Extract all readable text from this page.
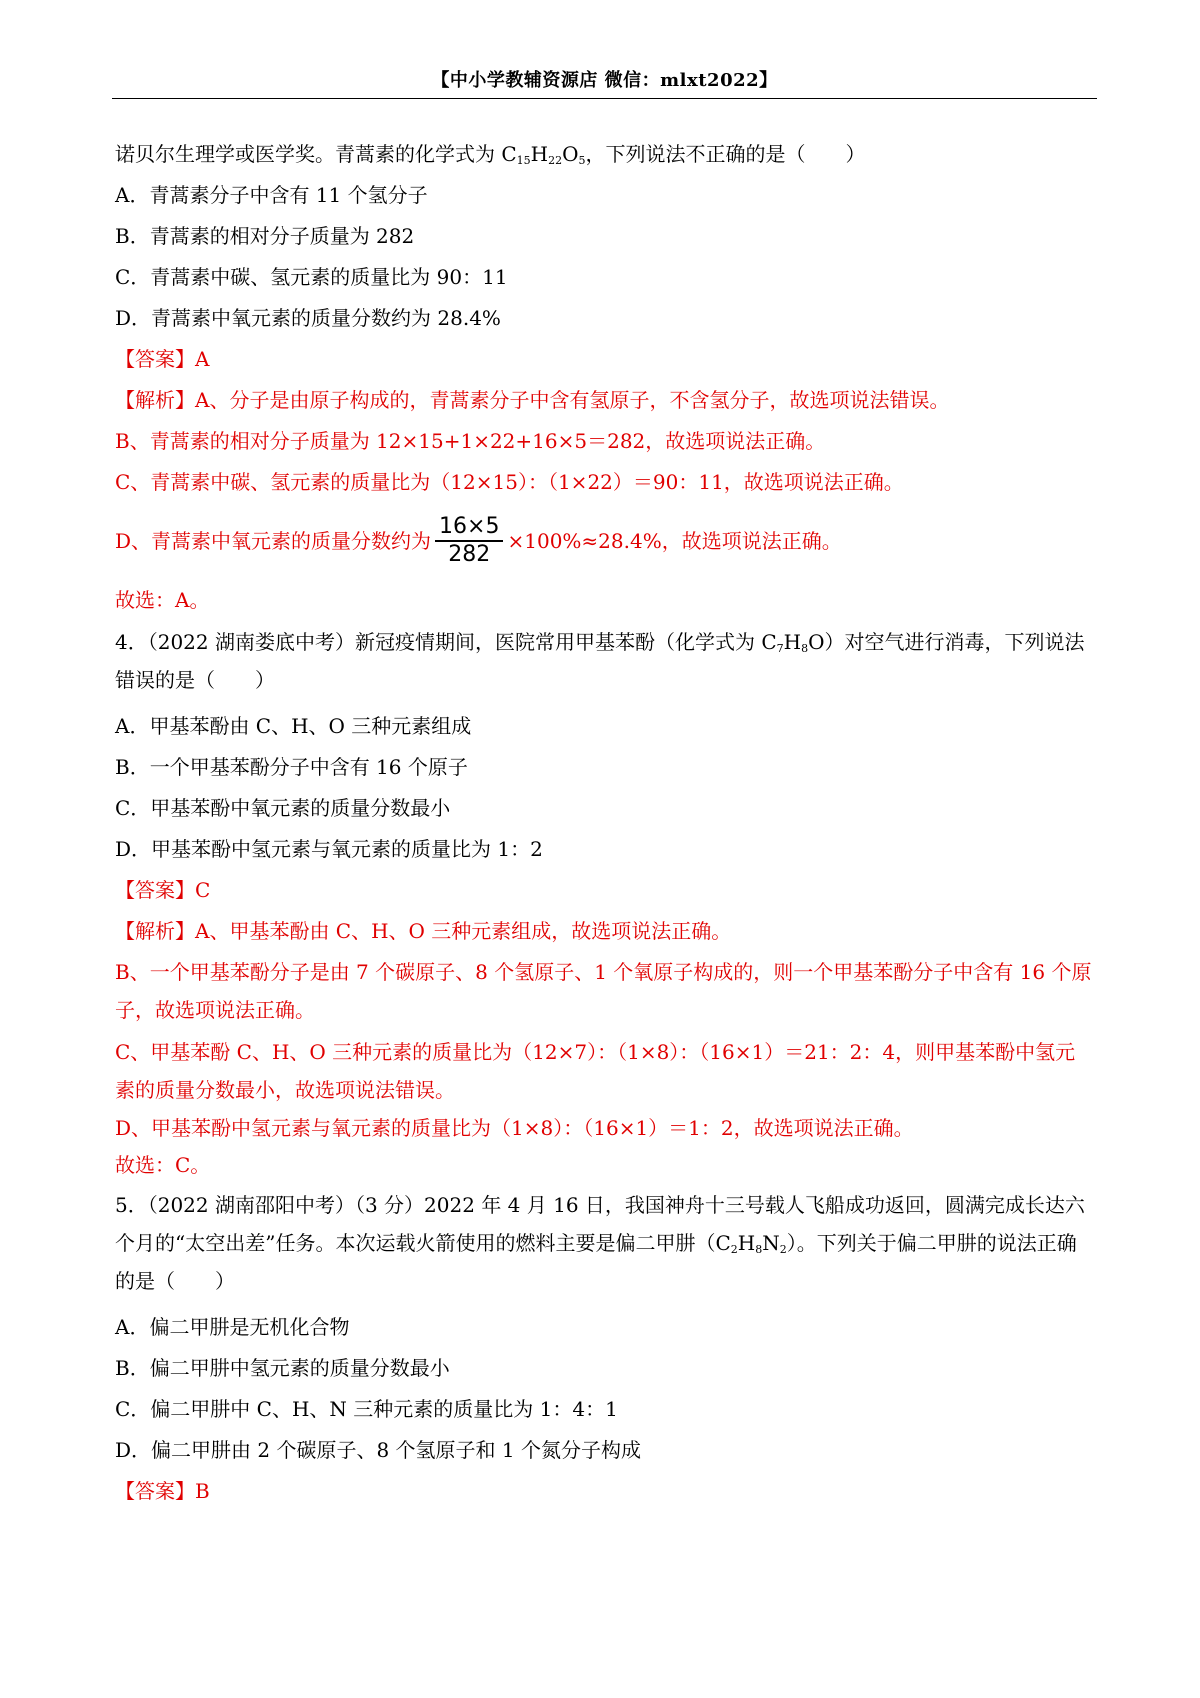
【中小学教辅资源店 微信：mlxt2022】
诺贝尔生理学或医学奖。青蒿素的化学式为 $C_{15}H_{22}O_5$，下列说法不正确的是（　　）
A．青蒿素分子中含有 11 个氢分子
B．青蒿素的相对分子质量为 282
C．青蒿素中碳、氢元素的质量比为 90：11
D．青蒿素中氧元素的质量分数约为 28.4%
【答案】A
【解析】A、分子是由原子构成的，青蒿素分子中含有氢原子，不含氢分子，故选项说法错误。
B、青蒿素的相对分子质量为 12×15+1×22+16×5＝282，故选项说法正确。
C、青蒿素中碳、氢元素的质量比为（12×15）：（1×22）＝90：11，故选项说法正确。
D、青蒿素中氧元素的质量分数约为 $\frac{16\times 5}{282} \times 100\%\approx 28.4\%$，故选项说法正确。
故选：A。
4．（2022 湖南娄底中考）新冠疫情期间，医院常用甲基苯酚（化学式为 $C_7H_8O$）对空气进行消毒，下列说法错误的是（　　）
A．甲基苯酚由 C、H、O 三种元素组成
B．一个甲基苯酚分子中含有 16 个原子
C．甲基苯酚中氧元素的质量分数最小
D．甲基苯酚中氢元素与氧元素的质量比为 1：2
【答案】C
【解析】A、甲基苯酚由 C、H、O 三种元素组成，故选项说法正确。
B、一个甲基苯酚分子是由 7 个碳原子、8 个氢原子、1 个氧原子构成的，则一个甲基苯酚分子中含有 16 个原子，故选项说法正确。
C、甲基苯酚 C、H、O 三种元素的质量比为（12×7）：（1×8）：（16×1）＝21：2：4，则甲基苯酚中氢元素的质量分数最小，故选项说法错误。
D、甲基苯酚中氢元素与氧元素的质量比为（1×8）：（16×1）＝1：2，故选项说法正确。
故选：C。
5．（2022 湖南邵阳中考）（3 分）2022 年 4 月 16 日，我国神舟十三号载人飞船成功返回，圆满完成长达六个月的“太空出差”任务。本次运载火箭使用的燃料主要是偏二甲肼$(C_2H_8N_2)$。下列关于偏二甲肼的说法正确的是（　　）
A．偏二甲肼是无机化合物
B．偏二甲肼中氢元素的质量分数最小
C．偏二甲肼中 C、H、N 三种元素的质量比为 1：4：1
D．偏二甲肼由 2 个碳原子、8 个氢原子和 1 个氮分子构成
【答案】B
